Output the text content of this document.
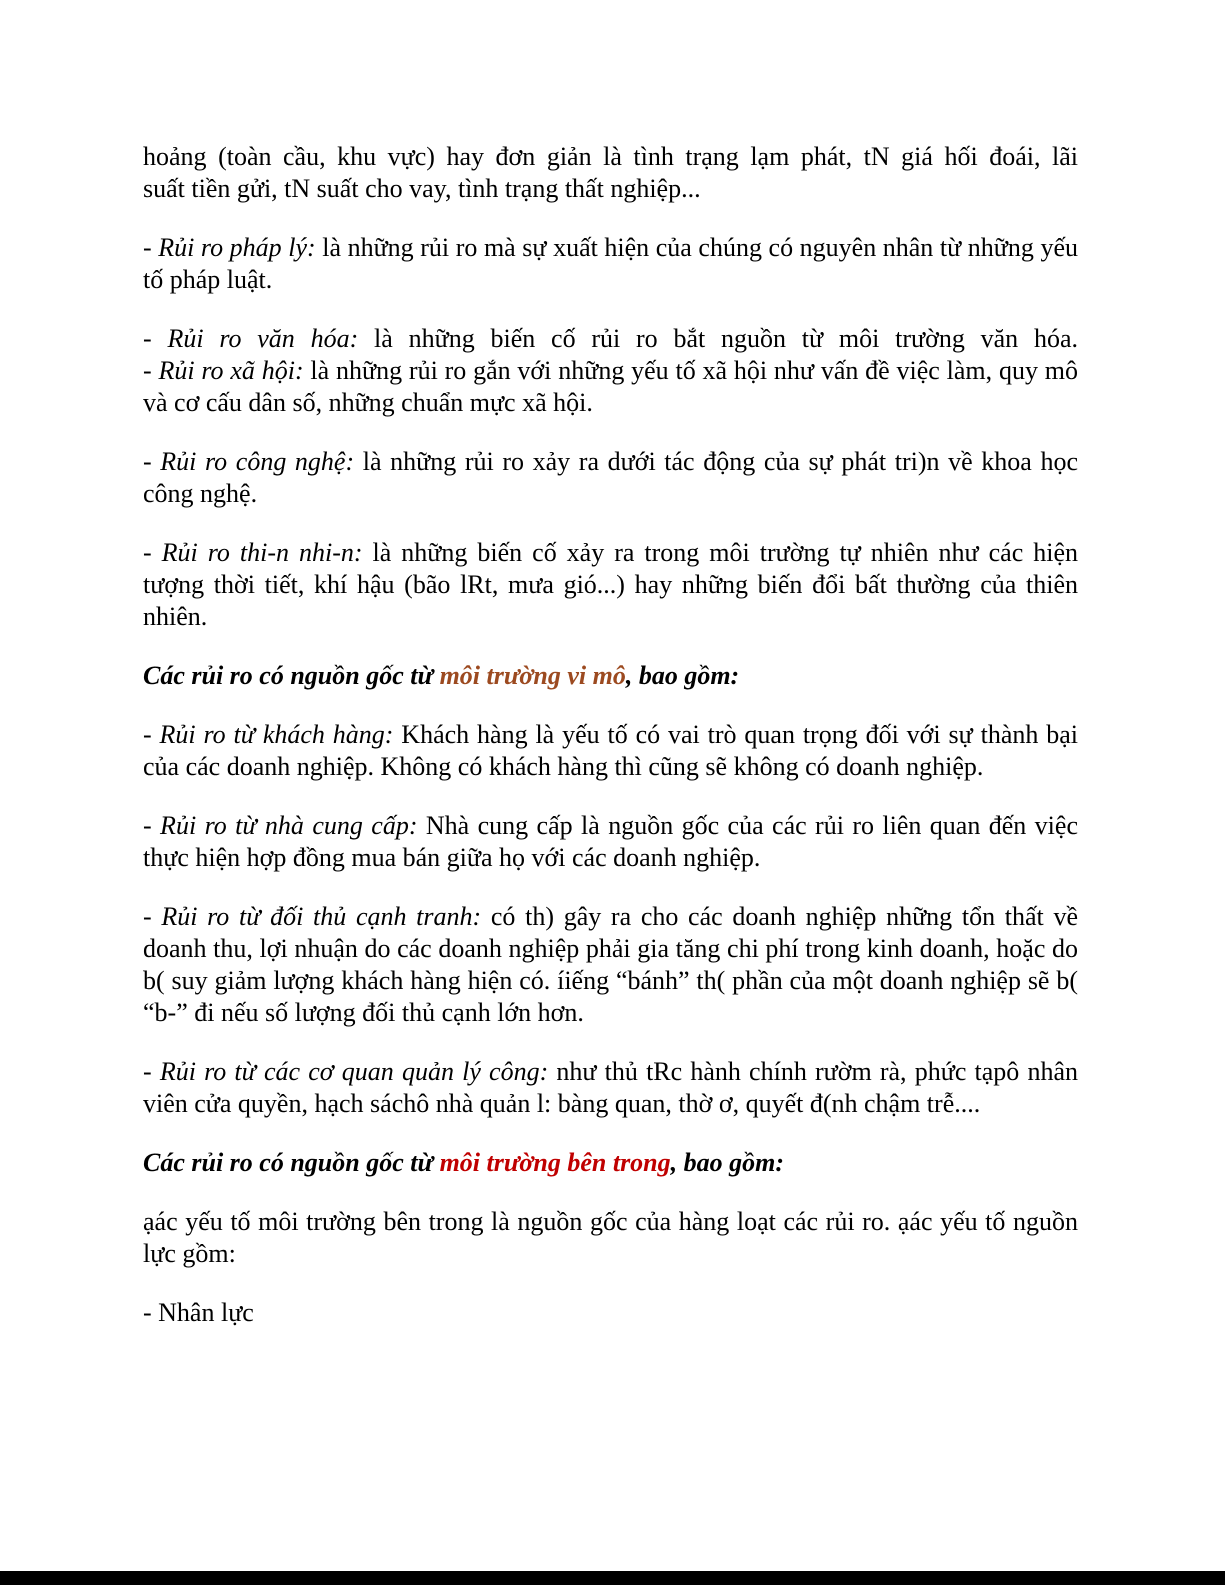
hoảng (toàn cầu, khu vực) hay đơn giản là tình trạng lạm phát, tN giá hối đoái, lãi
suất tiền gửi, tN suất cho vay, tình trạng thất nghiệp...

- Rủi ro pháp lý: là những rủi ro mà sự xuất hiện của chúng có nguyên nhân từ những yếu tố pháp luật.

- Rủi ro văn hóa: là những biến cố rủi ro bắt nguồn từ môi trường văn hóa.

- Rủi ro xã hội: là những rủi ro gắn với những yếu tố xã hội như vấn đề việc làm, quy mô và cơ cấu dân số, những chuẩn mực xã hội.

- Rủi ro công nghệ: là những rủi ro xảy ra dưới tác động của sự phát tri)n về khoa học công nghệ.

- Rủi ro thi-n nhi-n: là những biến cố xảy ra trong môi trường tự nhiên như các hiện tượng thời tiết, khí hậu (bão lRt, mưa gió...) hay những biến đổi bất thường của thiên nhiên.

Các rủi ro có nguồn gốc từ môi trường vi mô, bao gồm:

- Rủi ro từ khách hàng: Khách hàng là yếu tố có vai trò quan trọng đối với sự thành bại của các doanh nghiệp. Không có khách hàng thì cũng sẽ không có doanh nghiệp.

- Rủi ro từ nhà cung cấp: Nhà cung cấp là nguồn gốc của các rủi ro liên quan đến việc thực hiện hợp đồng mua bán giữa họ với các doanh nghiệp.

- Rủi ro từ đối thủ cạnh tranh: có th) gây ra cho các doanh nghiệp những tổn thất về doanh thu, lợi nhuận do các doanh nghiệp phải gia tăng chi phí trong kinh doanh, hoặc do b( suy giảm lượng khách hàng hiện có. íiếng “bánh” th( phần của một doanh nghiệp sẽ b( “b-” đi nếu số lượng đối thủ cạnh lớn hơn.

- Rủi ro từ các cơ quan quản lý công: như thủ tRc hành chính rườm rà, phức tạpô nhân viên cửa quyền, hạch sáchô nhà quản l: bàng quan, thờ ơ, quyết đ(nh chậm trễ....

Các rủi ro có nguồn gốc từ môi trường bên trong, bao gồm:

ạác yếu tố môi trường bên trong là nguồn gốc của hàng loạt các rủi ro. ạác yếu tố nguồn lực gồm:

- Nhân lực
